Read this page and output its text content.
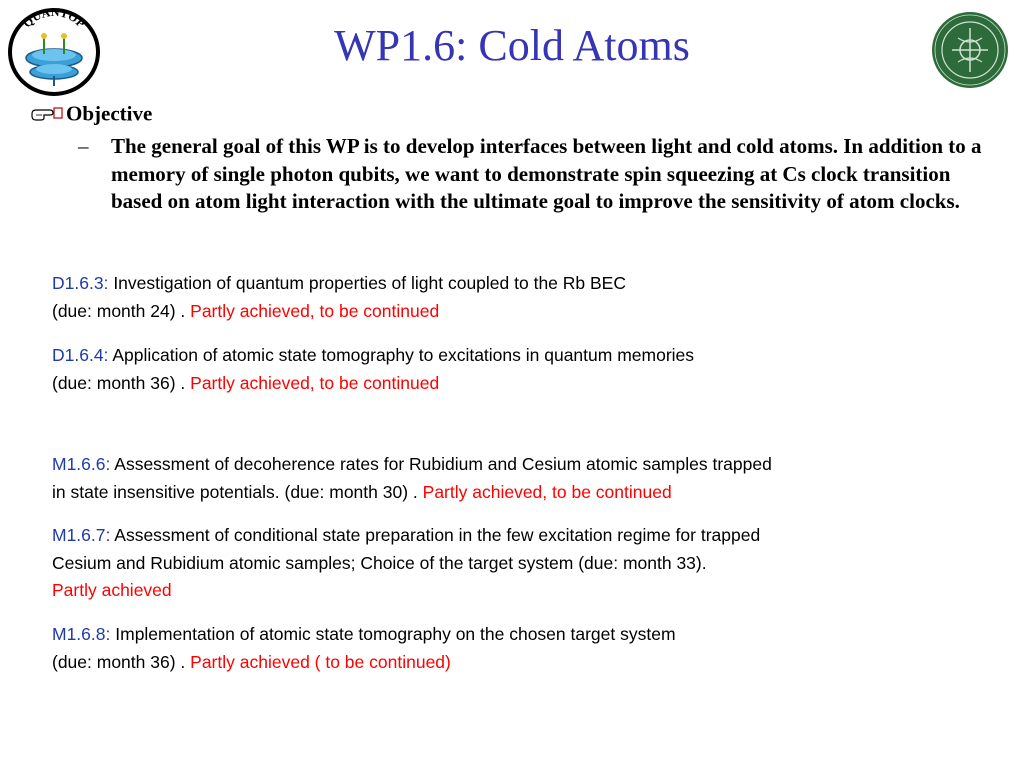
QUANTOP	WP1.6: Cold Atoms
Objective
– The general goal of this WP is to develop interfaces between light and cold atoms. In addition to a memory of single photon qubits, we want to demonstrate spin squeezing at Cs clock transition based on atom light interaction with the ultimate goal to improve the sensitivity of atom clocks.
D1.6.3: Investigation of quantum properties of light coupled to the Rb BEC
(due: month 24) . Partly achieved, to be continued
D1.6.4: Application of atomic state tomography to excitations in quantum memories
(due: month 36) . Partly achieved, to be continued
M1.6.6: Assessment of decoherence rates for Rubidium and Cesium atomic samples trapped
in state insensitive potentials. (due: month 30) . Partly achieved, to be continued
M1.6.7: Assessment of conditional state preparation in the few excitation regime for trapped
Cesium and Rubidium atomic samples; Choice of the target system (due: month 33).
Partly achieved
M1.6.8: Implementation of atomic state tomography on the chosen target system
(due: month 36) . Partly achieved ( to be continued)
